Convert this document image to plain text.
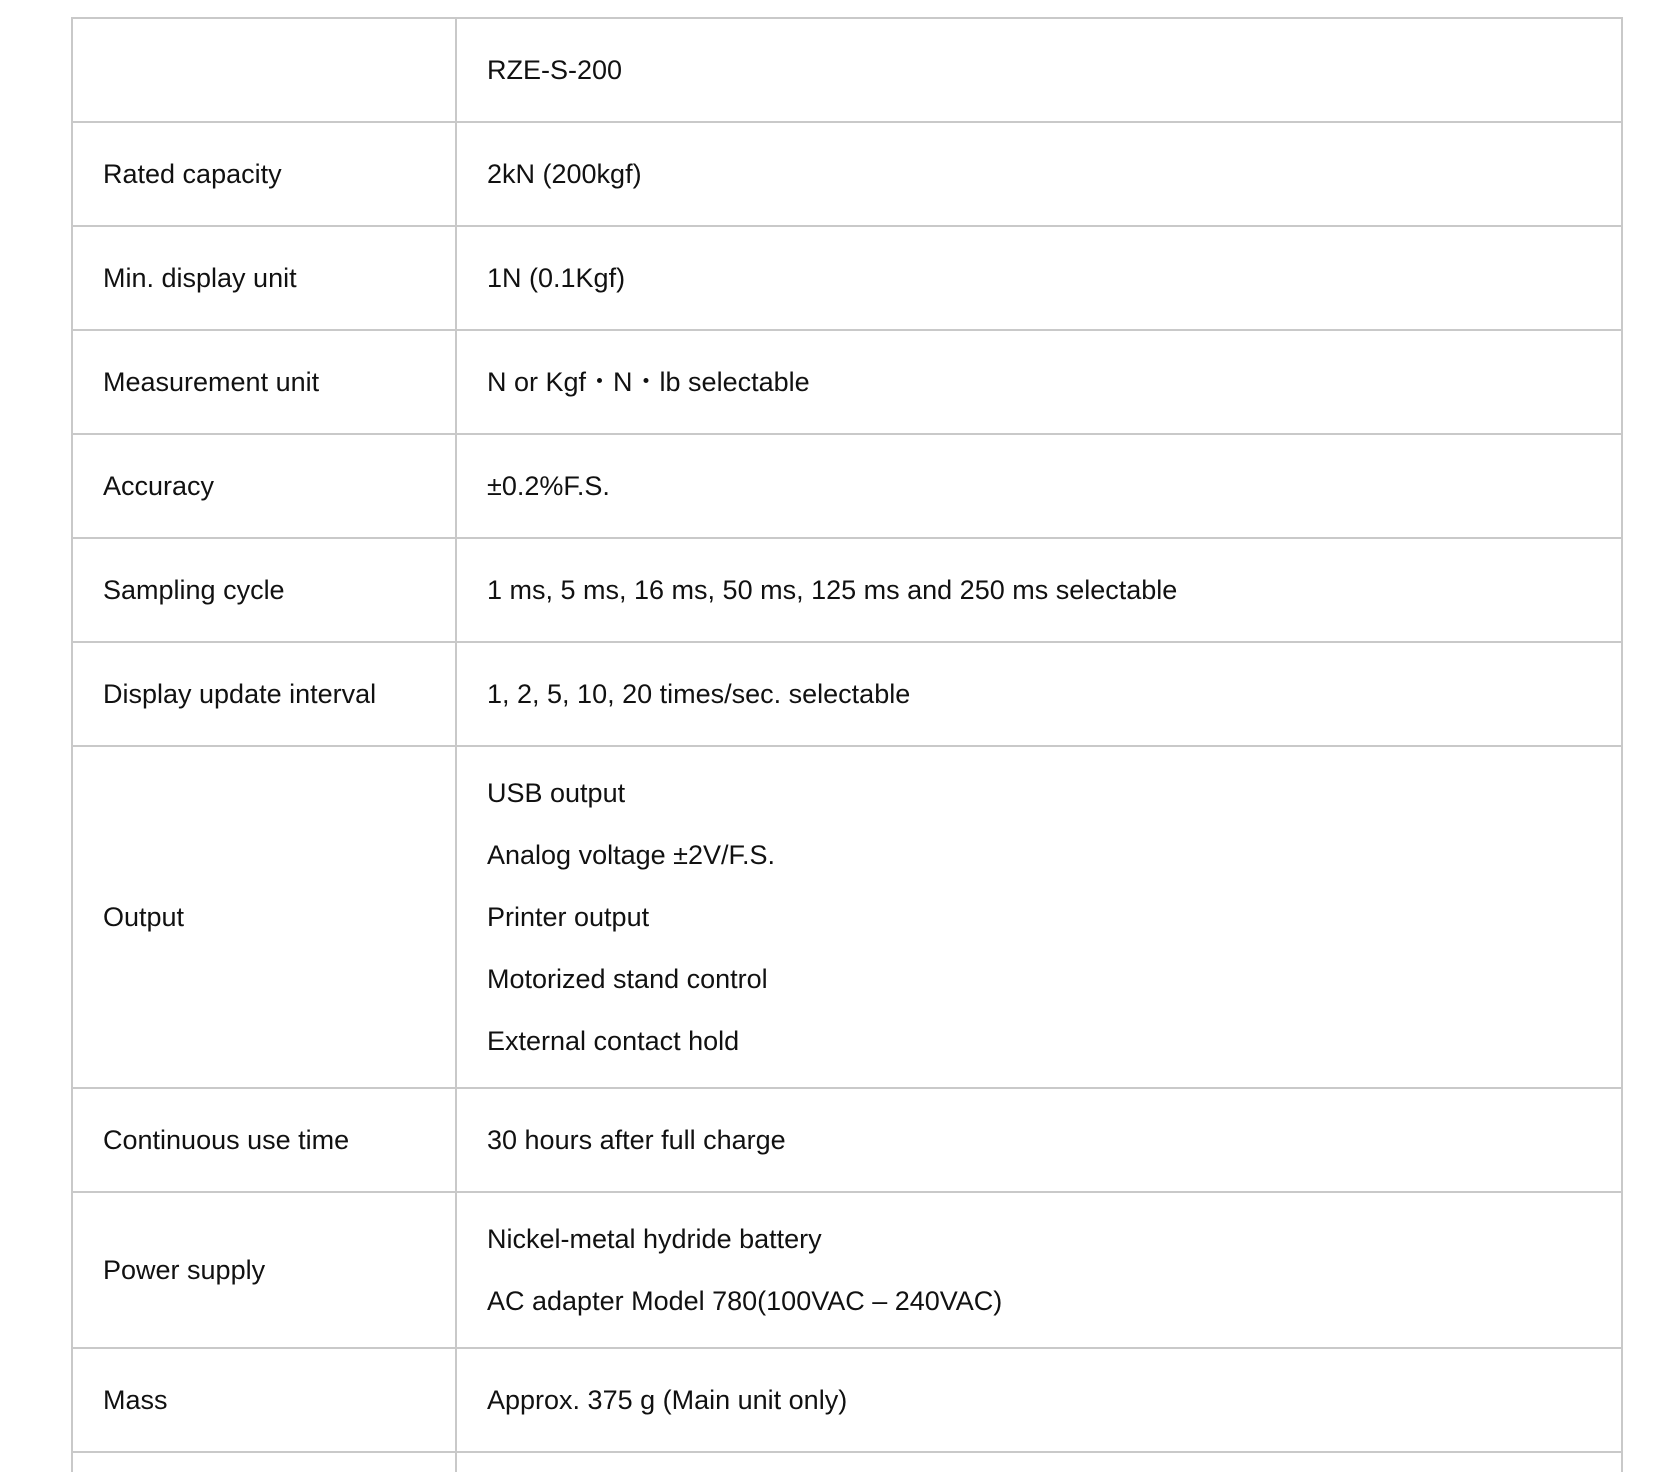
	RZE-S-200
Rated capacity	2kN (200kgf)

Min. display unit	1N (0.1Kgf)

Measurement unit	N or Kgf・N・lb selectable

Accuracy	±0.2%F.S.

Sampling cycle	1 ms, 5 ms, 16 ms, 50 ms, 125 ms and 250 ms selectable

Display update interval	1, 2, 5, 10, 20 times/sec. selectable

Output	USB output
Analog voltage ±2V/F.S.
Printer output
Motorized stand control
External contact hold

Continuous use time	30 hours after full charge

Power supply	Nickel-metal hydride battery
AC adapter Model 780(100VAC – 240VAC)

Mass	Approx. 375 g (Main unit only)
